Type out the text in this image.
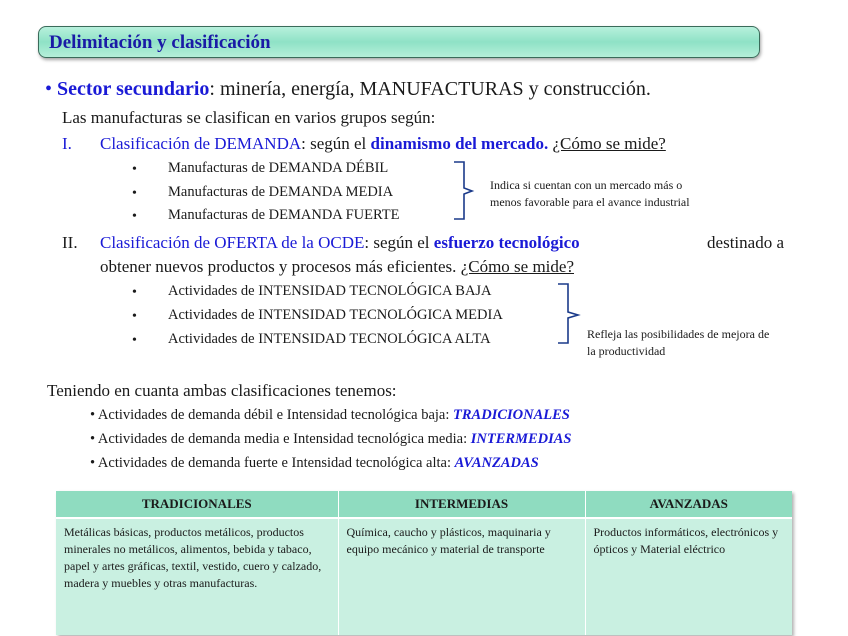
Delimitación y clasificación
• Sector secundario: minería, energía, MANUFACTURAS y construcción.
Las manufacturas se clasifican en varios grupos según:
I. Clasificación de DEMANDA: según el dinamismo del mercado. ¿Cómo se mide?
• Manufacturas de DEMANDA DÉBIL
• Manufacturas de DEMANDA MEDIA
• Manufacturas de DEMANDA FUERTE
Indica si cuentan con un mercado más o
menos favorable para el avance industrial
II. Clasificación de OFERTA de la OCDE: según el esfuerzo tecnológico	destinado a
obtener nuevos productos y procesos más eficientes. ¿Cómo se mide?
• Actividades de INTENSIDAD TECNOLÓGICA BAJA
• Actividades de INTENSIDAD TECNOLÓGICA MEDIA
• Actividades de INTENSIDAD TECNOLÓGICA ALTA	Refleja las posibilidades de mejora de
la productividad
Teniendo en cuanta ambas clasificaciones tenemos:
• Actividades de demanda débil e Intensidad tecnológica baja: TRADICIONALES
• Actividades de demanda media e Intensidad tecnológica media: INTERMEDIAS
• Actividades de demanda fuerte e Intensidad tecnológica alta: AVANZADAS
TRADICIONALES	INTERMEDIAS	AVANZADAS
Metálicas básicas, productos metálicos, productos minerales no metálicos, alimentos, bebida y tabaco, papel y artes gráficas, textil, vestido, cuero y calzado, madera y muebles y otras manufacturas.	Química, caucho y plásticos, maquinaria y equipo mecánico y material de transporte	Productos informáticos, electrónicos y ópticos y Material eléctrico
